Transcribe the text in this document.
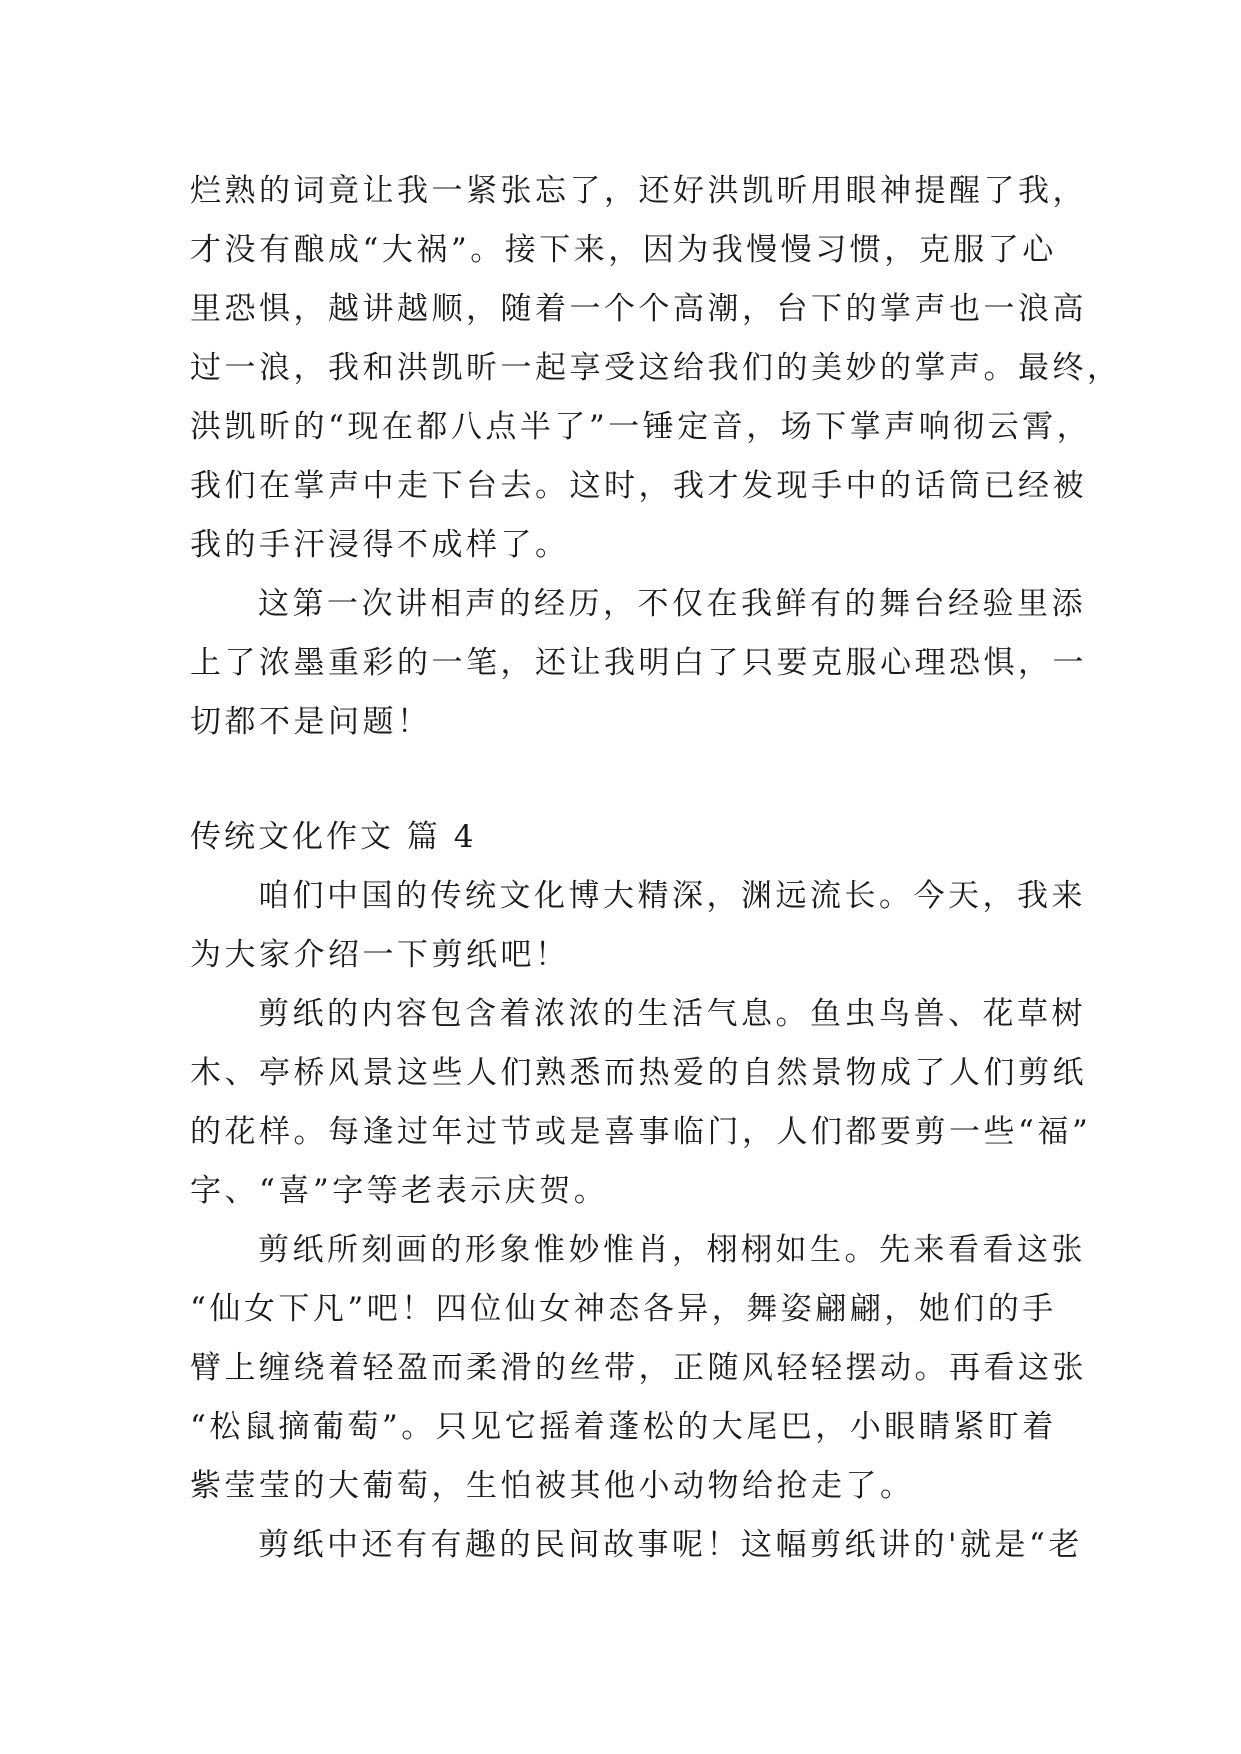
烂熟的词竟让我一紧张忘了，还好洪凯昕用眼神提醒了我，
才没有酿成“大祸”。接下来，因为我慢慢习惯，克服了心
里恐惧，越讲越顺，随着一个个高潮，台下的掌声也一浪高
过一浪，我和洪凯昕一起享受这给我们的美妙的掌声。最终，
洪凯昕的“现在都八点半了”一锤定音，场下掌声响彻云霄，
我们在掌声中走下台去。这时，我才发现手中的话筒已经被
我的手汗浸得不成样了。
这第一次讲相声的经历，不仅在我鲜有的舞台经验里添
上了浓墨重彩的一笔，还让我明白了只要克服心理恐惧，一
切都不是问题！
传统文化作文 篇 4
咱们中国的传统文化博大精深，渊远流长。今天，我来
为大家介绍一下剪纸吧！
剪纸的内容包含着浓浓的生活气息。鱼虫鸟兽、花草树
木、亭桥风景这些人们熟悉而热爱的自然景物成了人们剪纸
的花样。每逢过年过节或是喜事临门，人们都要剪一些“福”
字、“喜”字等老表示庆贺。
剪纸所刻画的形象惟妙惟肖，栩栩如生。先来看看这张
“仙女下凡”吧！四位仙女神态各异，舞姿翩翩，她们的手
臂上缠绕着轻盈而柔滑的丝带，正随风轻轻摆动。再看这张
“松鼠摘葡萄”。只见它摇着蓬松的大尾巴，小眼睛紧盯着
紫莹莹的大葡萄，生怕被其他小动物给抢走了。
剪纸中还有有趣的民间故事呢！这幅剪纸讲的'就是“老
